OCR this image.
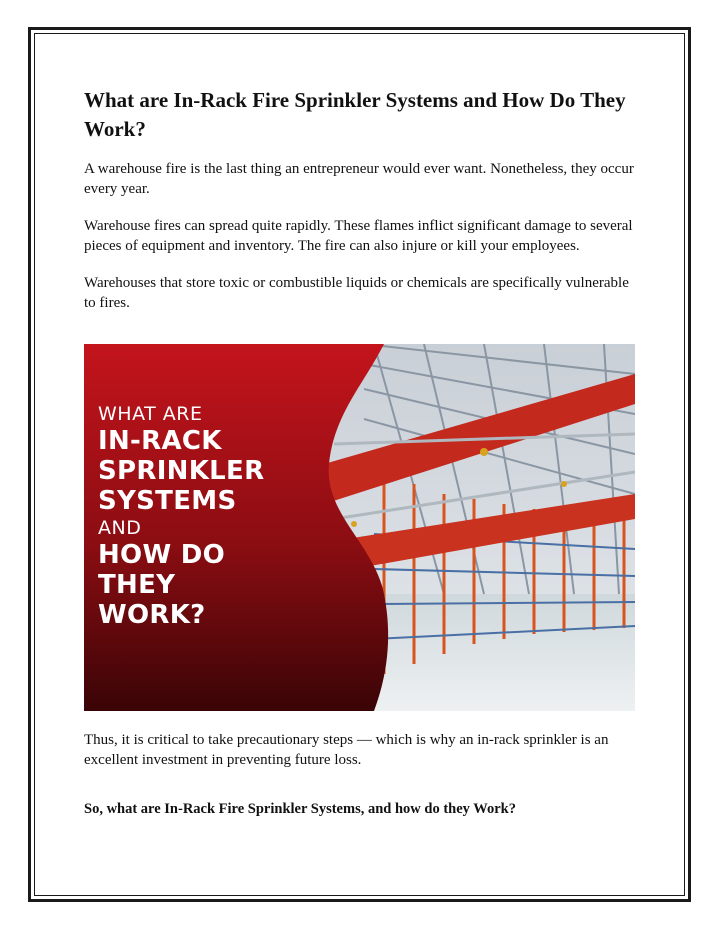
What are In-Rack Fire Sprinkler Systems and How Do They Work?

A warehouse fire is the last thing an entrepreneur would ever want. Nonetheless, they occur every year.

Warehouse fires can spread quite rapidly. These flames inflict significant damage to several pieces of equipment and inventory. The fire can also injure or kill your employees.

Warehouses that store toxic or combustible liquids or chemicals are specifically vulnerable to fires.

WHAT ARE
IN-RACK
SPRINKLER
SYSTEMS
AND
HOW DO
THEY
WORK?

Thus, it is critical to take precautionary steps — which is why an in-rack sprinkler is an excellent investment in preventing future loss.

So, what are In-Rack Fire Sprinkler Systems, and how do they Work?
